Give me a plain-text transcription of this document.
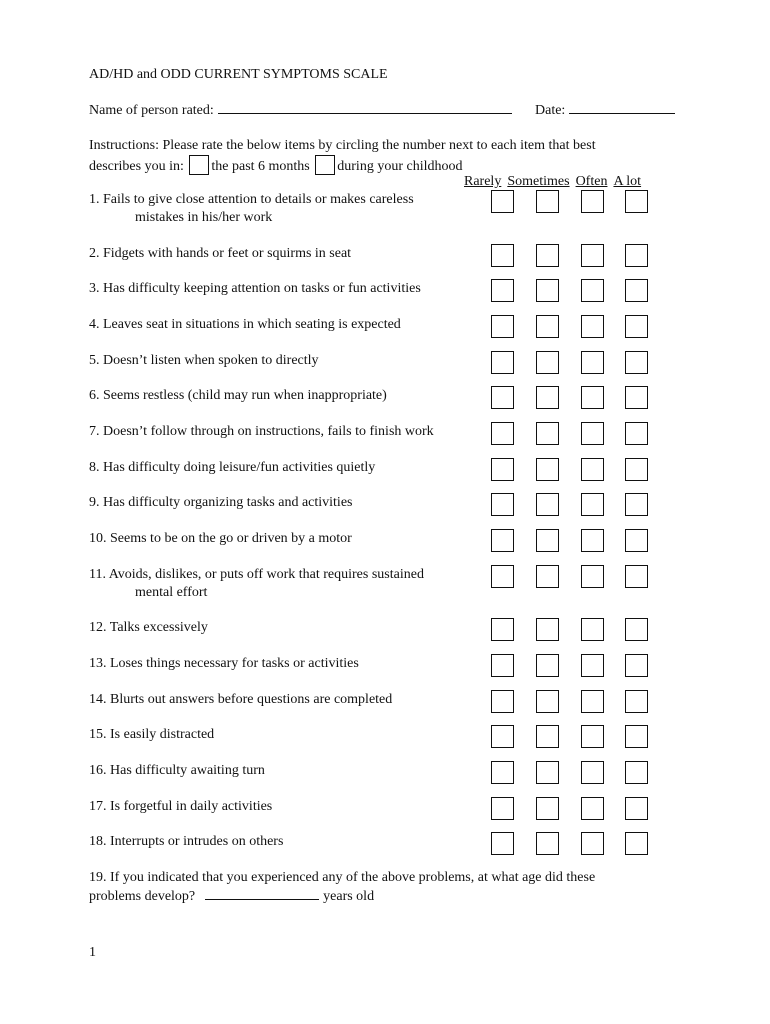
AD/HD and ODD CURRENT SYMPTOMS SCALE
Name of person rated:	Date:
Instructions: Please rate the below items by circling the number next to each item that best
describes you in: the past 6 months during your childhood
Rarely Sometimes Often A lot
1. Fails to give close attention to details or makes careless
mistakes in his/her work
2. Fidgets with hands or feet or squirms in seat
3. Has difficulty keeping attention on tasks or fun activities
4. Leaves seat in situations in which seating is expected
5. Doesn’t listen when spoken to directly
6. Seems restless (child may run when inappropriate)
7. Doesn’t follow through on instructions, fails to finish work
8. Has difficulty doing leisure/fun activities quietly
9. Has difficulty organizing tasks and activities
10. Seems to be on the go or driven by a motor
11. Avoids, dislikes, or puts off work that requires sustained
mental effort
12. Talks excessively
13. Loses things necessary for tasks or activities
14. Blurts out answers before questions are completed
15. Is easily distracted
16. Has difficulty awaiting turn
17. Is forgetful in daily activities
18. Interrupts or intrudes on others
19. If you indicated that you experienced any of the above problems, at what age did these
problems develop?	years old
1
